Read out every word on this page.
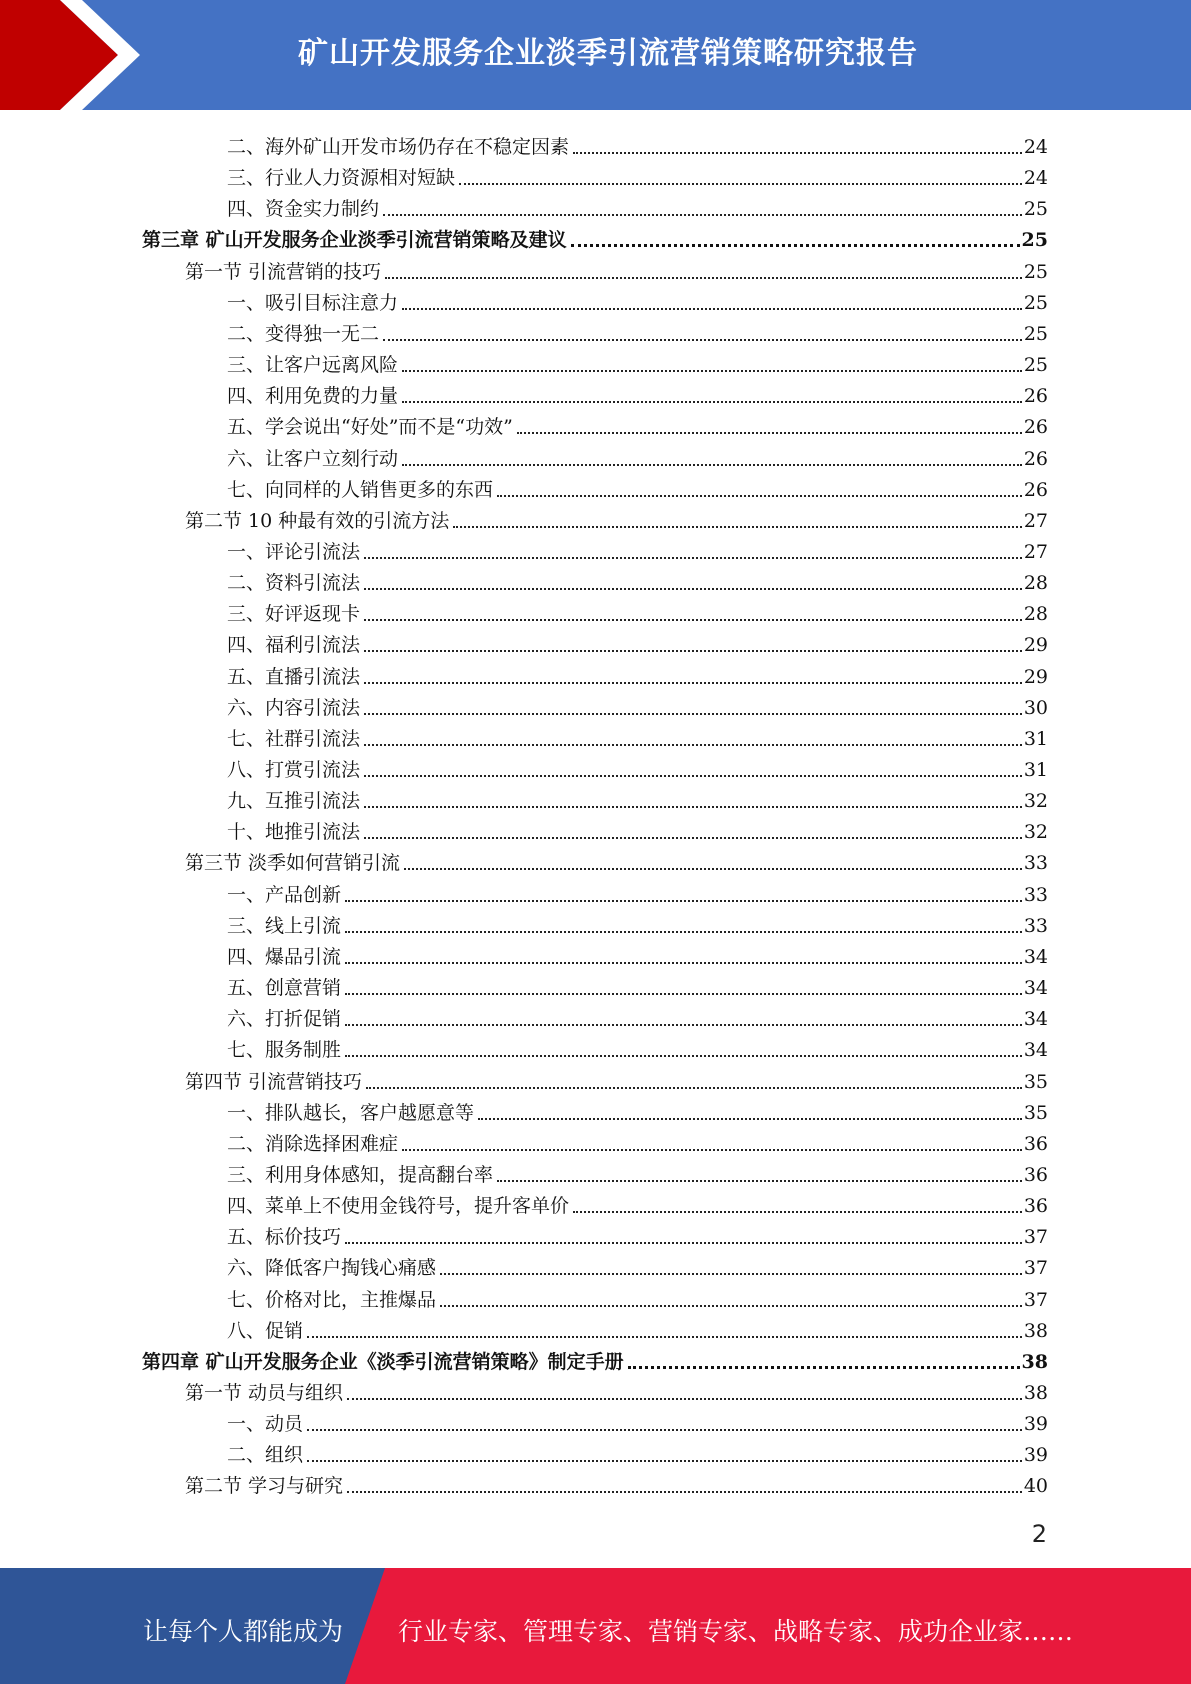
矿山开发服务企业淡季引流营销策略研究报告
二、海外矿山开发市场仍存在不稳定因素	24
三、行业人力资源相对短缺	24
四、资金实力制约	25
第三章 矿山开发服务企业淡季引流营销策略及建议	25
第一节 引流营销的技巧	25
一、吸引目标注意力	25
二、变得独一无二	25
三、让客户远离风险	25
四、利用免费的力量	26
五、学会说出“好处”而不是“功效”	26
六、让客户立刻行动	26
七、向同样的人销售更多的东西	26
第二节 10 种最有效的引流方法	27
一、评论引流法	27
二、资料引流法	28
三、好评返现卡	28
四、福利引流法	29
五、直播引流法	29
六、内容引流法	30
七、社群引流法	31
八、打赏引流法	31
九、互推引流法	32
十、地推引流法	32
第三节 淡季如何营销引流	33
一、产品创新	33
三、线上引流	33
四、爆品引流	34
五、创意营销	34
六、打折促销	34
七、服务制胜	34
第四节 引流营销技巧	35
一、排队越长，客户越愿意等	35
二、消除选择困难症	36
三、利用身体感知，提高翻台率	36
四、菜单上不使用金钱符号，提升客单价	36
五、标价技巧	37
六、降低客户掏钱心痛感	37
七、价格对比，主推爆品	37
八、促销	38
第四章 矿山开发服务企业《淡季引流营销策略》制定手册	38
第一节 动员与组织	38
一、动员	39
二、组织	39
第二节 学习与研究	40
2
让每个人都能成为 行业专家、管理专家、营销专家、战略专家、成功企业家……
